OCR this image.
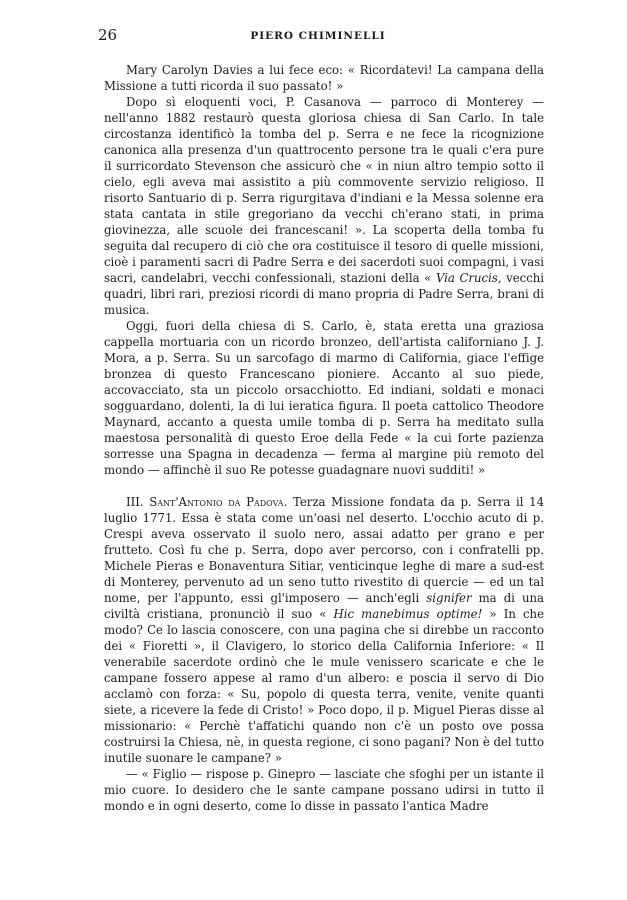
26	PIERO CHIMINELLI

Mary Carolyn Davies a lui fece eco: « Ricordatevi! La campana della Missione a tutti ricorda il suo passato! »

Dopo sì eloquenti voci, P. Casanova — parroco di Monterey — nell'anno 1882 restaurò questa gloriosa chiesa di San Carlo. In tale circostanza identificò la tomba del p. Serra e ne fece la ricognizione canonica alla presenza d'un quattrocento persone tra le quali c'era pure il surricordato Stevenson che assicurò che « in niun altro tempio sotto il cielo, egli aveva mai assistito a più commovente servizio religioso. Il risorto Santuario di p. Serra rigurgitava d'indiani e la Messa solenne era stata cantata in stile gregoriano da vecchi ch'erano stati, in prima giovinezza, alle scuole dei francescani! ». La scoperta della tomba fu seguita dal recupero di ciò che ora costituisce il tesoro di quelle missioni, cioè i paramenti sacri di Padre Serra e dei sacerdoti suoi compagni, i vasi sacri, candelabri, vecchi confessionali, stazioni della « Via Crucis, vecchi quadri, libri rari, preziosi ricordi di mano propria di Padre Serra, brani di musica.

Oggi, fuori della chiesa di S. Carlo, è, stata eretta una graziosa cappella mortuaria con un ricordo bronzeo, dell'artista californiano J. J. Mora, a p. Serra. Su un sarcofago di marmo di California, giace l'effige bronzea di questo Francescano pioniere. Accanto al suo piede, accovacciato, sta un piccolo orsacchiotto. Ed indiani, soldati e monaci sogguardano, dolenti, la di lui ieratica figura. Il poeta cattolico Theodore Maynard, accanto a questa umile tomba di p. Serra ha meditato sulla maestosa personalità di questo Eroe della Fede « la cui forte pazienza sorresse una Spagna in decadenza — ferma al margine più remoto del mondo — affinchè il suo Re potesse guadagnare nuovi sudditi! »

III. Sant'Antonio da Padova. Terza Missione fondata da p. Serra il 14 luglio 1771. Essa è stata come un'oasi nel deserto. L'occhio acuto di p. Crespi aveva osservato il suolo nero, assai adatto per grano e per frutteto. Così fu che p. Serra, dopo aver percorso, con i confratelli pp. Michele Pieras e Bonaventura Sitiar, venticinque leghe di mare a sud-est di Monterey, pervenuto ad un seno tutto rivestito di quercie — ed un tal nome, per l'appunto, essi gl'imposero — anch'egli signifer ma di una civiltà cristiana, pronunciò il suo « Hic manebimus optime! » In che modo? Ce lo lascia conoscere, con una pagina che si direbbe un racconto dei « Fioretti », il Clavigero, lo storico della California Inferiore: « Il venerabile sacerdote ordinò che le mule venissero scaricate e che le campane fossero appese al ramo d'un albero: e poscia il servo di Dio acclamò con forza: « Su, popolo di questa terra, venite, venite quanti siete, a ricevere la fede di Cristo! » Poco dopo, il p. Miguel Pieras disse al missionario: « Perchè t'affatichi quando non c'è un posto ove possa costruirsi la Chiesa, nè, in questa regione, ci sono pagani? Non è del tutto inutile suonare le campane? »

— « Figlio — rispose p. Ginepro — lasciate che sfoghi per un istante il mio cuore. Io desidero che le sante campane possano udirsi in tutto il mondo e in ogni deserto, come lo disse in passato l'antica Madre
